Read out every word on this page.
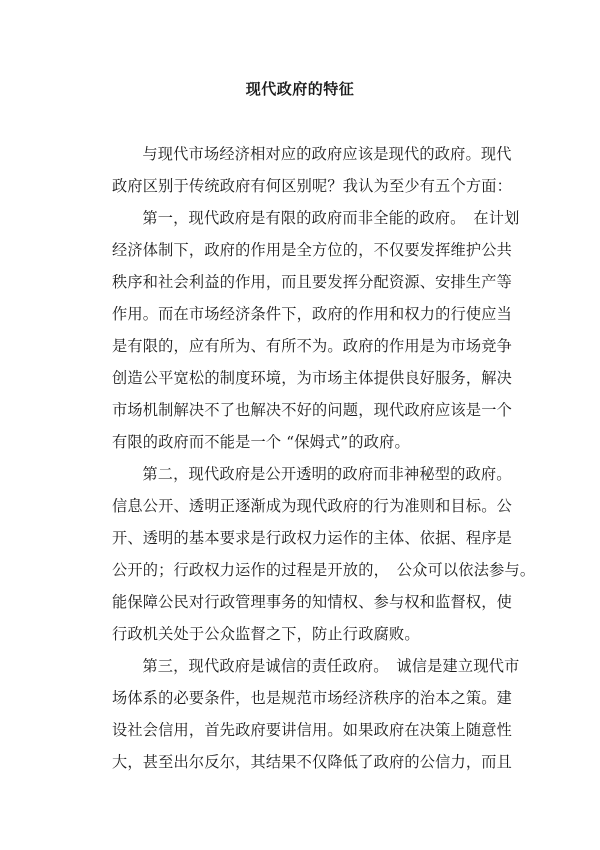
现代政府的特征
与现代市场经济相对应的政府应该是现代的政府。现代
政府区别于传统政府有何区别呢？我认为至少有五个方面：
第一，现代政府是有限的政府而非全能的政府。　在计划
经济体制下，政府的作用是全方位的，不仅要发挥维护公共
秩序和社会利益的作用，而且要发挥分配资源、安排生产等
作用。而在市场经济条件下，政府的作用和权力的行使应当
是有限的，应有所为、有所不为。政府的作用是为市场竞争
创造公平宽松的制度环境，为市场主体提供良好服务，解决
市场机制解决不了也解决不好的问题，现代政府应该是一个
有限的政府而不能是一个 “保姆式”的政府。
第二，现代政府是公开透明的政府而非神秘型的政府。
信息公开、透明正逐渐成为现代政府的行为准则和目标。公
开、透明的基本要求是行政权力运作的主体、依据、程序是
公开的；行政权力运作的过程是开放的，　公众可以依法参与。
能保障公民对行政管理事务的知情权、参与权和监督权，使
行政机关处于公众监督之下，防止行政腐败。
第三，现代政府是诚信的责任政府。　诚信是建立现代市
场体系的必要条件，也是规范市场经济秩序的治本之策。建
设社会信用，首先政府要讲信用。如果政府在决策上随意性
大，甚至出尔反尔，其结果不仅降低了政府的公信力，而且
